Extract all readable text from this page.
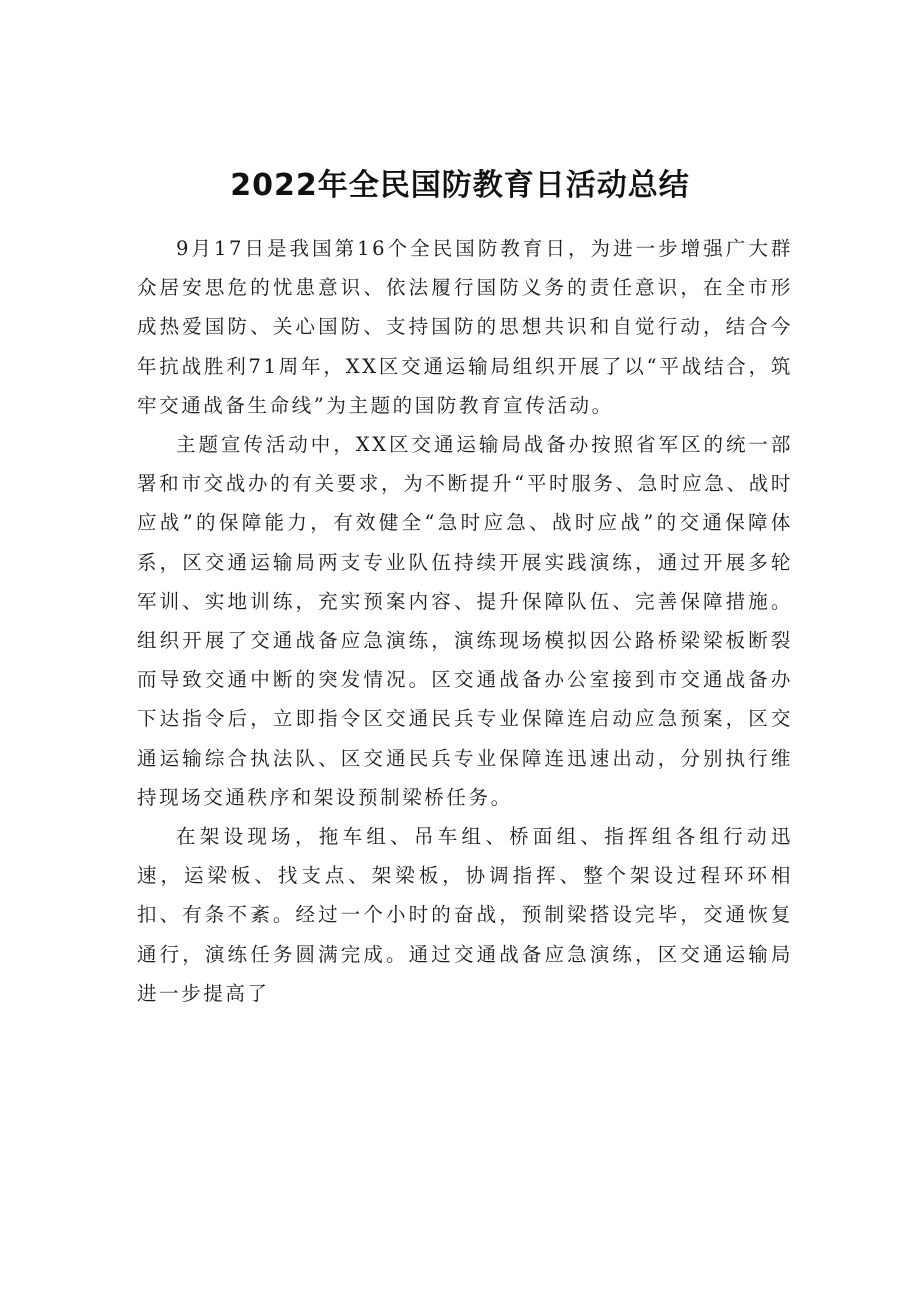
2022年全民国防教育日活动总结

9月17日是我国第16个全民国防教育日，为进一步增强广大群众居安思危的忧患意识、依法履行国防义务的责任意识，在全市形成热爱国防、关心国防、支持国防的思想共识和自觉行动，结合今年抗战胜利71周年，XX区交通运输局组织开展了以“平战结合，筑牢交通战备生命线”为主题的国防教育宣传活动。

主题宣传活动中，XX区交通运输局战备办按照省军区的统一部署和市交战办的有关要求，为不断提升“平时服务、急时应急、战时应战”的保障能力，有效健全“急时应急、战时应战”的交通保障体系，区交通运输局两支专业队伍持续开展实践演练，通过开展多轮军训、实地训练，充实预案内容、提升保障队伍、完善保障措施。组织开展了交通战备应急演练，演练现场模拟因公路桥梁梁板断裂而导致交通中断的突发情况。区交通战备办公室接到市交通战备办下达指令后，立即指令区交通民兵专业保障连启动应急预案，区交通运输综合执法队、区交通民兵专业保障连迅速出动，分别执行维持现场交通秩序和架设预制梁桥任务。

在架设现场，拖车组、吊车组、桥面组、指挥组各组行动迅速，运梁板、找支点、架梁板，协调指挥、整个架设过程环环相扣、有条不紊。经过一个小时的奋战，预制梁搭设完毕，交通恢复通行，演练任务圆满完成。通过交通战备应急演练，区交通运输局进一步提高了
